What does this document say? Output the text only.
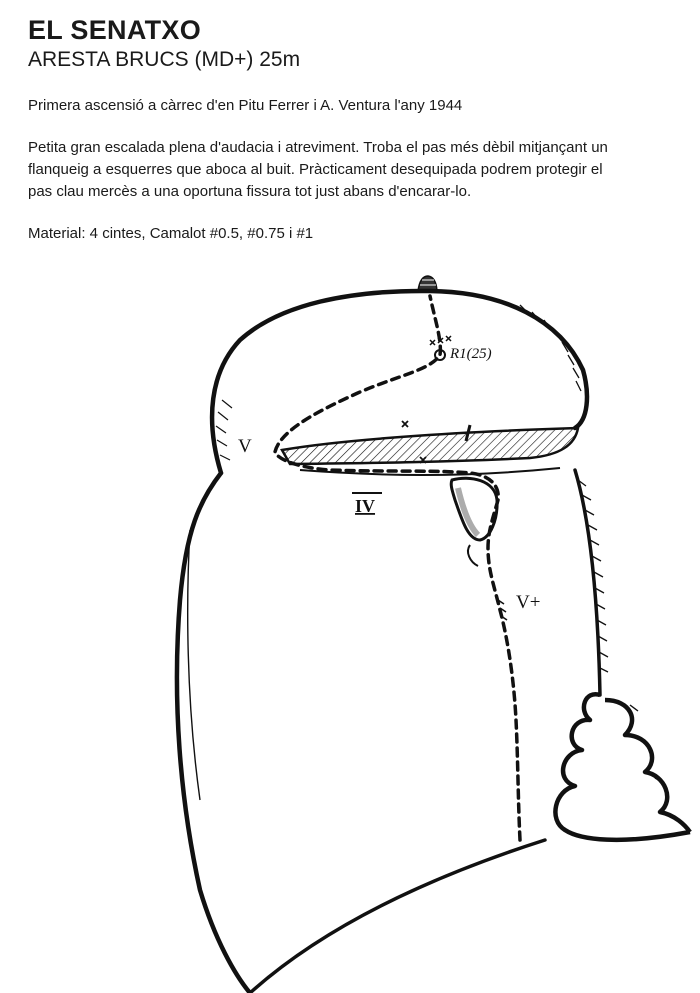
EL SENATXO
ARESTA BRUCS (MD+) 25m

Primera ascensió a càrrec d'en Pitu Ferrer i A. Ventura l'any 1944

Petita gran escalada plena d'audacia i atreviment. Troba el pas més dèbil mitjançant un flanqueig a esquerres que aboca al buit. Pràcticament desequipada podrem protegir el pas clau mercès a una oportuna fissura tot just abans d'encarar-lo.

Material: 4 cintes, Camalot #0.5, #0.75 i #1

R1(25)
V
IV
V+
